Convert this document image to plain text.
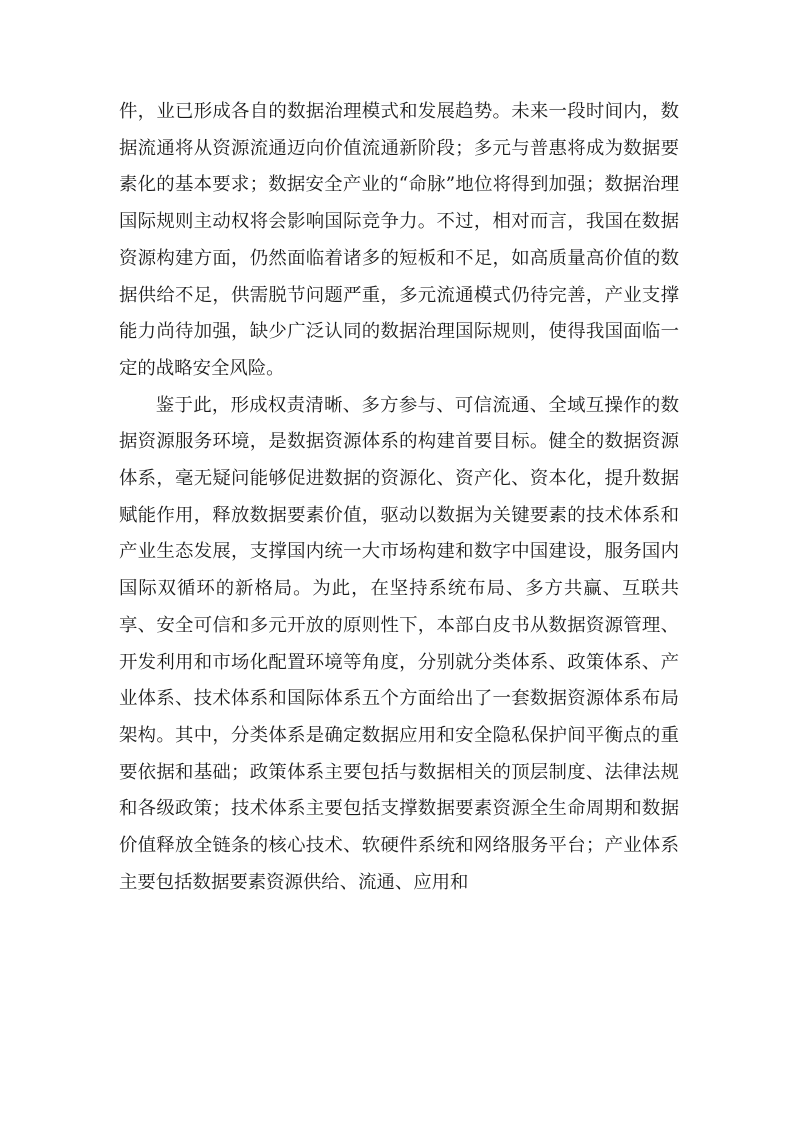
件，业已形成各自的数据治理模式和发展趋势。未来一段时间内，数据流通将从资源流通迈向价值流通新阶段；多元与普惠将成为数据要素化的基本要求；数据安全产业的“命脉”地位将得到加强；数据治理国际规则主动权将会影响国际竞争力。不过，相对而言，我国在数据资源构建方面，仍然面临着诸多的短板和不足，如高质量高价值的数据供给不足，供需脱节问题严重，多元流通模式仍待完善，产业支撑能力尚待加强，缺少广泛认同的数据治理国际规则，使得我国面临一定的战略安全风险。

鉴于此，形成权责清晰、多方参与、可信流通、全域互操作的数据资源服务环境，是数据资源体系的构建首要目标。健全的数据资源体系，毫无疑问能够促进数据的资源化、资产化、资本化，提升数据赋能作用，释放数据要素价值，驱动以数据为关键要素的技术体系和产业生态发展，支撑国内统一大市场构建和数字中国建设，服务国内国际双循环的新格局。为此，在坚持系统布局、多方共赢、互联共享、安全可信和多元开放的原则性下，本部白皮书从数据资源管理、开发利用和市场化配置环境等角度，分别就分类体系、政策体系、产业体系、技术体系和国际体系五个方面给出了一套数据资源体系布局架构。其中，分类体系是确定数据应用和安全隐私保护间平衡点的重要依据和基础；政策体系主要包括与数据相关的顶层制度、法律法规和各级政策；技术体系主要包括支撑数据要素资源全生命周期和数据价值释放全链条的核心技术、软硬件系统和网络服务平台；产业体系主要包括数据要素资源供给、流通、应用和
